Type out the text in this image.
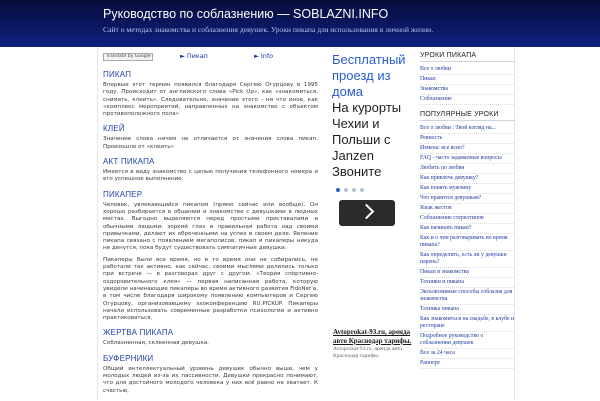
Руководство по соблазнению — SOBLAZNI.INFO
Сайт о методах знакомства и соблазнения девушек. Уроки пикапа для использования в личной жизни.
Translate by Google	► Пикап	► Info
ПИКАП

Впервые этот термин появился благодаря Сергею Огурцову в 1995 году. Происходит от английского слова «Pick Up», как «знакомиться, снимать, клеить». Следовательно, значение этого - ни что иное, как «комплекс мероприятий, направленных на знакомство с объектом противоположного пола»

КЛЕЙ

Значение слова ничем не отличается от значения слова пикап. Произошло от «клеить»

АКТ ПИКАПА

Имеется в виду знакомство с целью получения телефонного номера и его успешное выполнение.

ПИКАПЕР

Человек, увлекающийся пикапом (прямо сейчас или вообще). Он хорошо разбирается в общении и знакомстве с девушками в людных местах. Выгодно выделяются перед простыми приставалами и обычными людьми: зоркий глаз и правильная работа над своими привычками, делают их обреченными на успех в своем деле. Явление пикапа связано с появлением мегаполисов, пикап и пикаперы никуда не денутся, пока будут существовать симпатичные девушки.

Пикаперы были все время, но в то время они не собирались, не работали так активно, как сейчас, своими мыслями делились только при встрече — в разговорах друг с другом. «Теория спортивно-оздоровительного клея» — первая написанная работа, которую увидели начинающие пикаперы во время активного развития FidoNet'а, в том числе благодаря широкому появлению компьютеров и Сергею Огурцову, организовавшему эхоконференцию RU.PICKUP. Пикаперы начали использовать современные разработки психологии и активно практиковаться.

ЖЕРТВА ПИКАПА

Соблазненная, склеенная девушка.

БУФЕРНИКИ

Общий интеллектуальный уровень девушек обычно выше, чем у молодых людей из-за их пассивности. Девушки прекрасно понимают, что для достойного молодого человека у них всё равно не хватает. К счастью,

Бесплатный проезд из дома
На курорты Чехии и Польши с Janzen Звоните
Avtoprokat-93.ru, аренда авто Краснодар тарифы.
Avtoprokat-93.ru, аренда авто Краснодар тарифы.
УРОКИ ПИКАПА
Все о любви
Пикап
Знакомства
Соблазнение
ПОПУЛЯРНЫЕ УРОКИ
Все о любви : Твой взгляд на...
Ревность
Измена: все ясно?
FAQ - часто задаваемые вопросы
Любить по любви
Как привлечь девушку?
Как понять мужчину
Что нравится девушкам?
Язык жестов
Соблазнение стереотипов
Как начинать пикап?
Как и о чем разговаривать во время пикапа?
Как определить, есть ли у девушки парень?
Пикап и знакомства
Техники и пикапа
Эксклюзивные способы соблазна для знакомства
Техника пикапа
Как знакомиться на свадьбе, в клубе и ресторане
Подробное руководство о соблазнении девушек
Все за 24 часа
Раппорт
